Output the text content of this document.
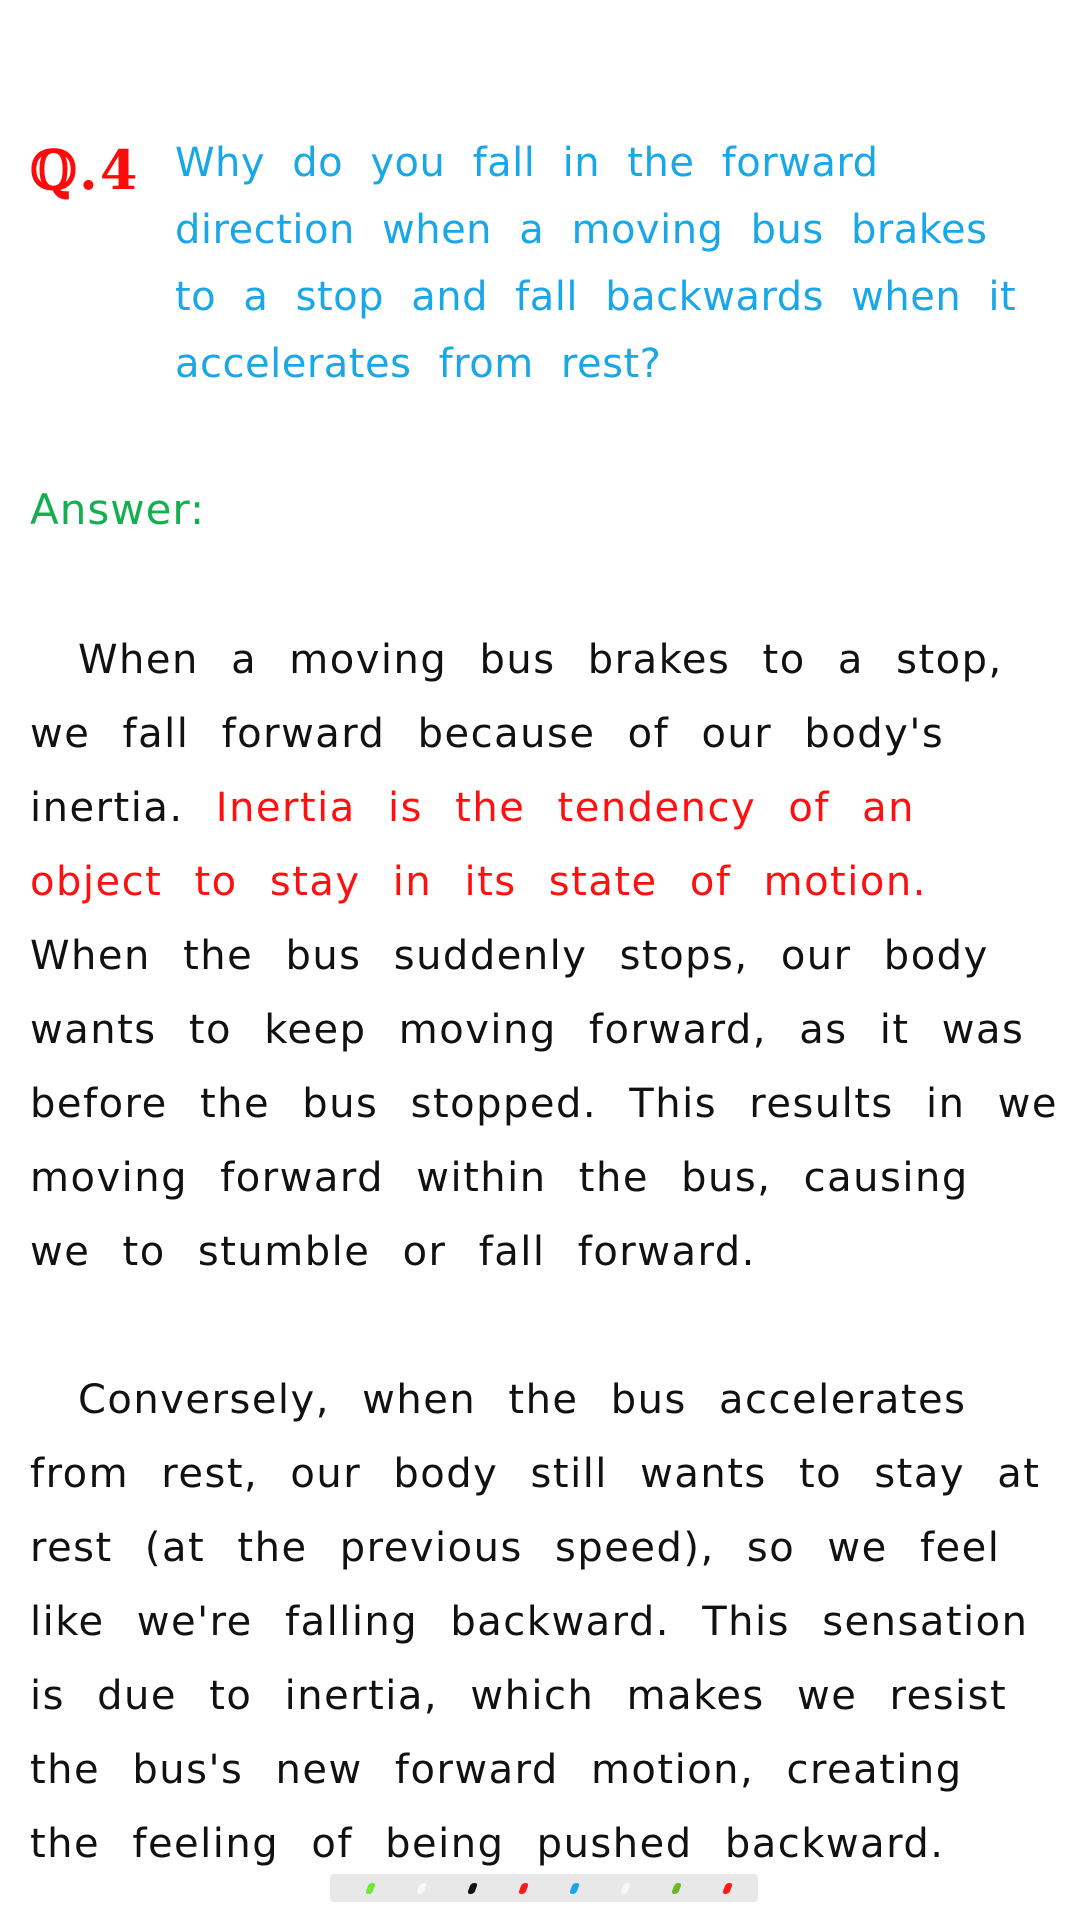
ℚ.4 Why do you fall in the forward direction when a moving bus brakes to a stop and fall backwards when it accelerates from rest?
Answer:

When a moving bus brakes to a stop, we fall forward because of our body's inertia. Inertia is the tendency of an object to stay in its state of motion. When the bus suddenly stops, our body wants to keep moving forward, as it was before the bus stopped. This results in we moving forward within the bus, causing we to stumble or fall forward.

Conversely, when the bus accelerates from rest, our body still wants to stay at rest (at the previous speed), so we feel like we're falling backward. This sensation is due to inertia, which makes we resist the bus's new forward motion, creating the feeling of being pushed backward.
